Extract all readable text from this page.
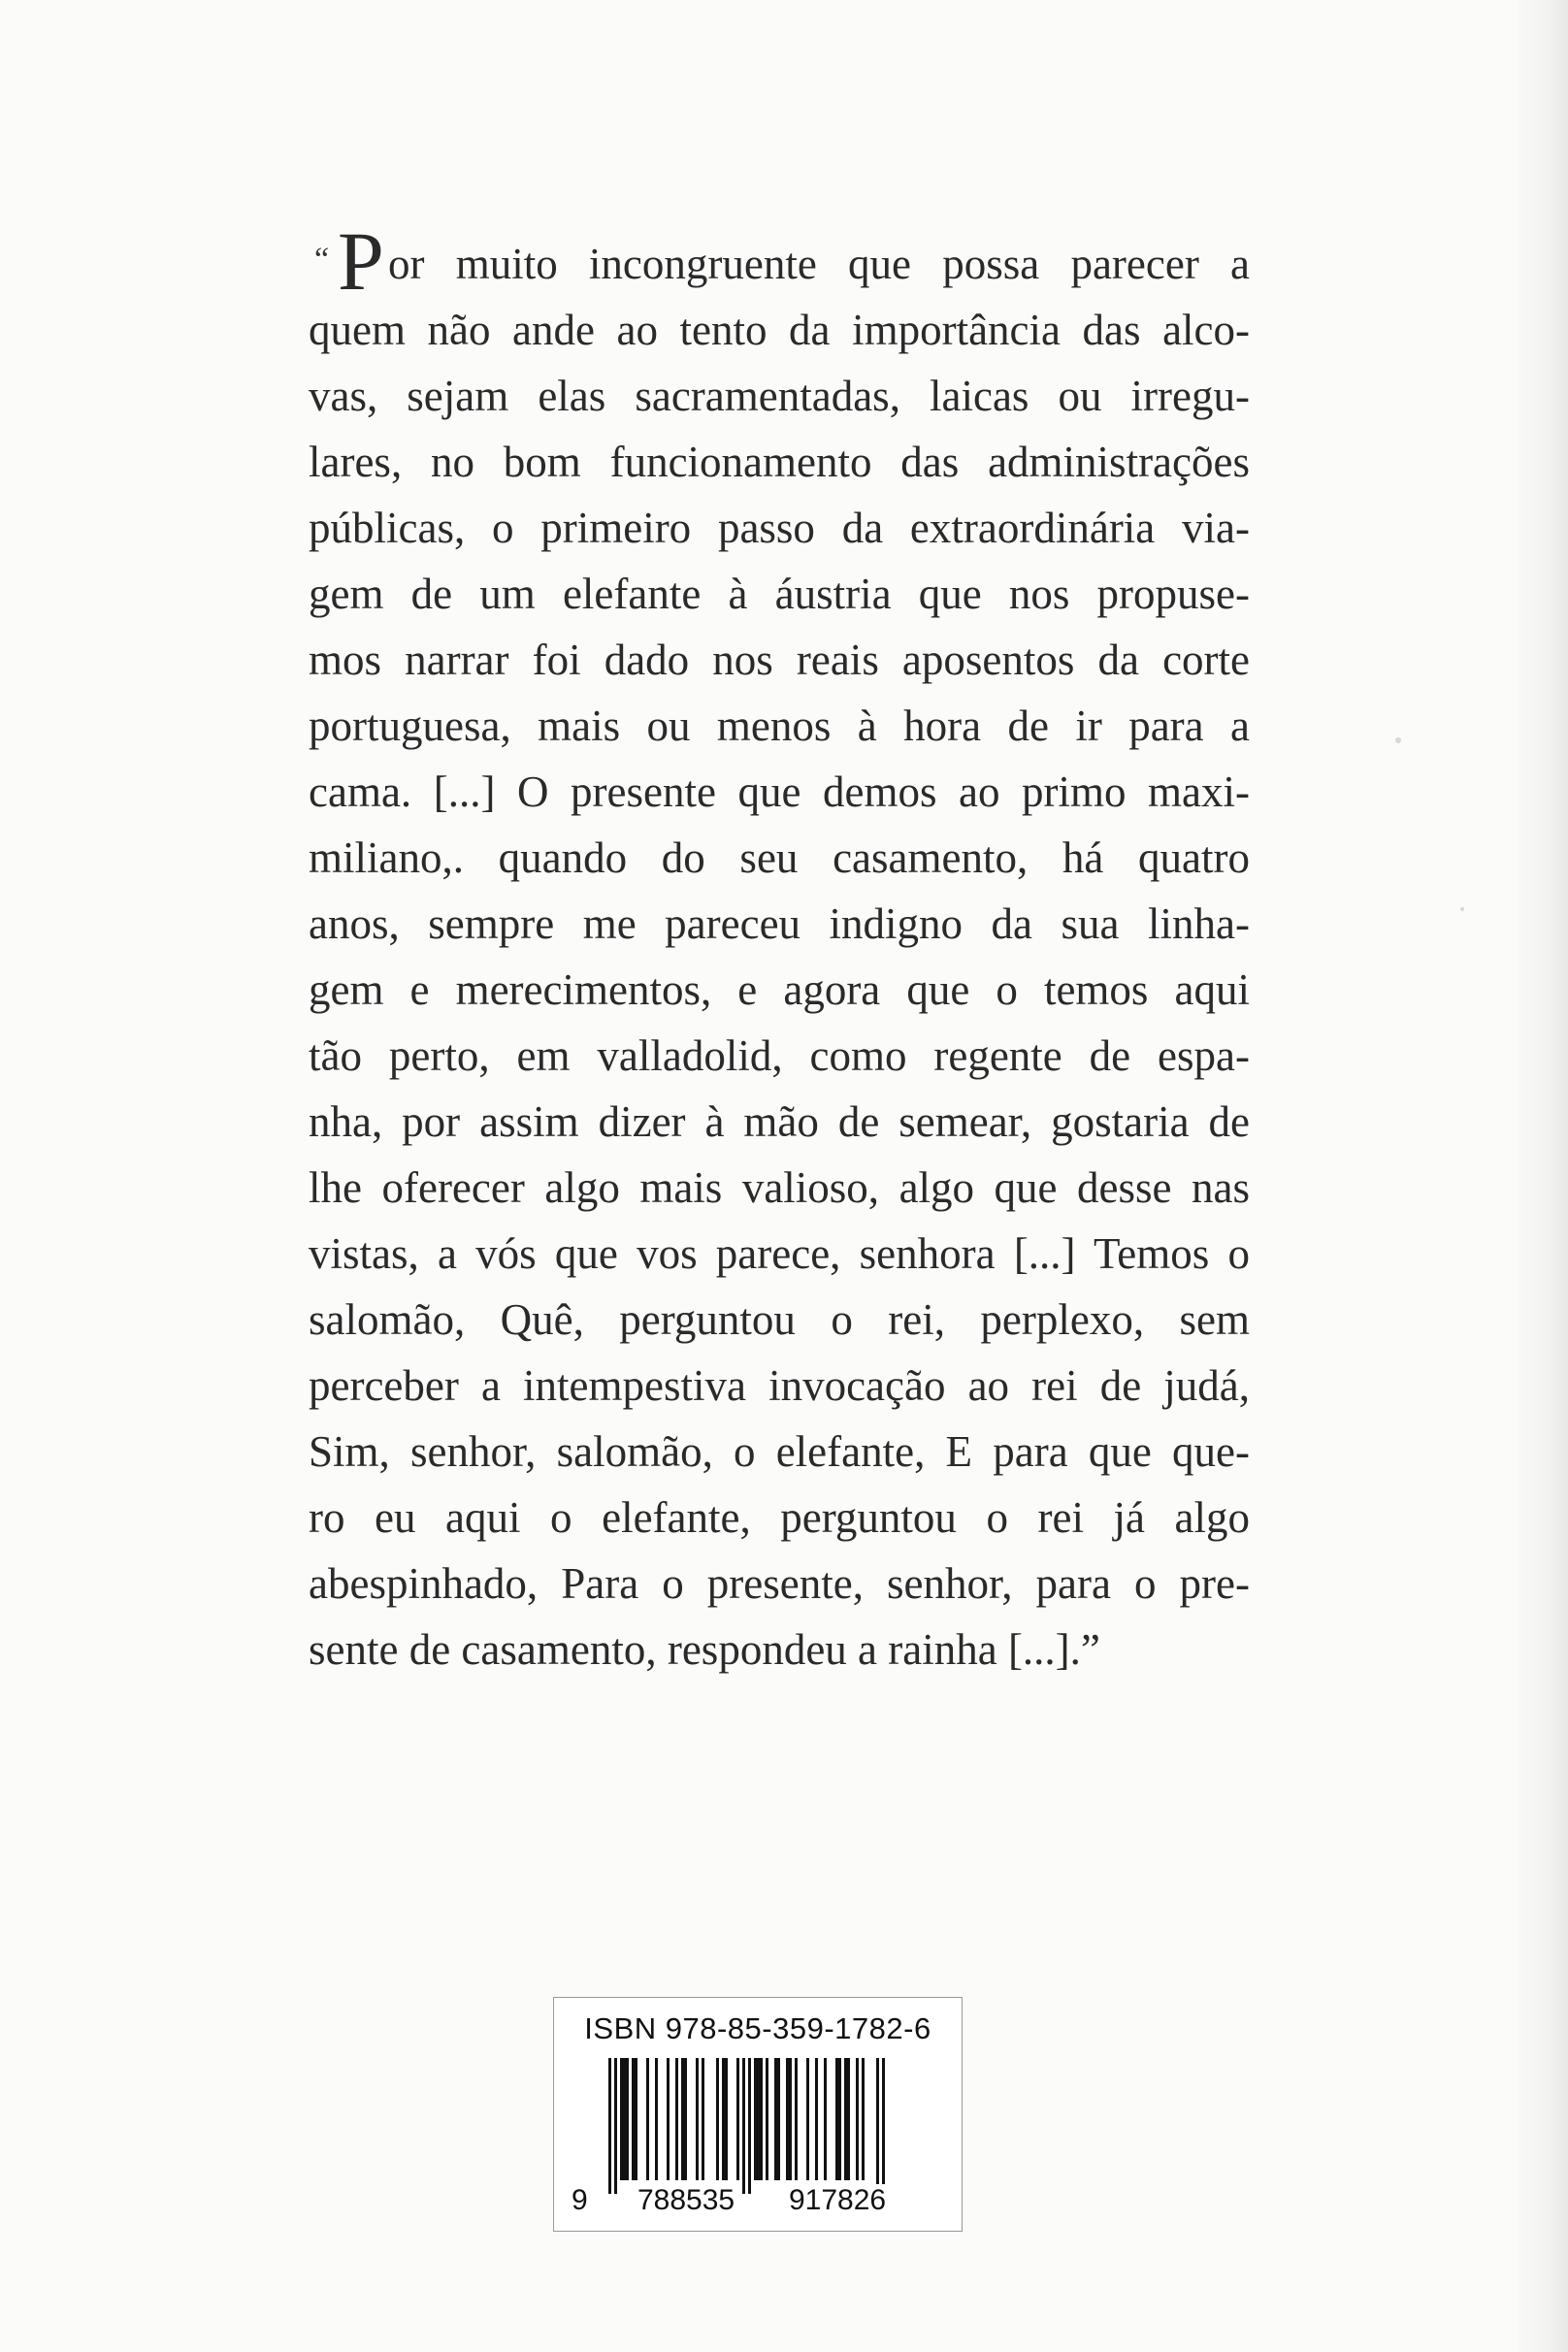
“ P or muito incongruente que possa parecer a
quem não ande ao tento da importância das alco-
vas, sejam elas sacramentadas, laicas ou irregu-
lares, no bom funcionamento das administrações
públicas, o primeiro passo da extraordinária via-
gem de um elefante à áustria que nos propuse-
mos narrar foi dado nos reais aposentos da corte
portuguesa, mais ou menos à hora de ir para a
cama. [...] O presente que demos ao primo maxi-
miliano,. quando do seu casamento, há quatro
anos, sempre me pareceu indigno da sua linha-
gem e merecimentos, e agora que o temos aqui
tão perto, em valladolid, como regente de espa-
nha, por assim dizer à mão de semear, gostaria de
lhe oferecer algo mais valioso, algo que desse nas
vistas, a vós que vos parece, senhora [...] Temos o
salomão, Quê, perguntou o rei, perplexo, sem
perceber a intempestiva invocação ao rei de judá,
Sim, senhor, salomão, o elefante, E para que que-
ro eu aqui o elefante, perguntou o rei já algo
abespinhado, Para o presente, senhor, para o pre-
sente de casamento, respondeu a rainha [...].”
ISBN 978-85-359-1782-6
9 788535 917826
